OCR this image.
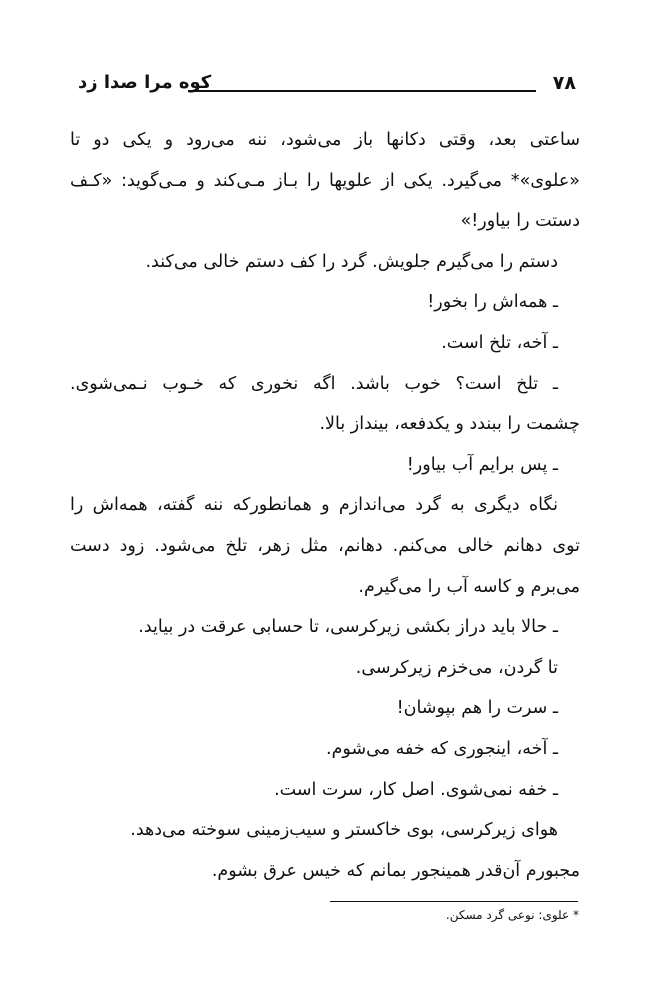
۷۸
کوه مرا صدا زد
ساعتی بعد، وقتی دکانها باز می‌شود، ننه می‌رود و یکی دو تا
«علوی»* می‌گیرد. یکی از علویها را بـاز مـی‌کند و مـی‌گوید: «کـف
دستت را بیاور!»
دستم را می‌گیرم جلویش. گرد را کف دستم خالی می‌کند.
ـ همه‌اش را بخور!
ـ آخه، تلخ است.
ـ تلخ است؟ خوب باشد. اگه نخوری که خـوب نـمی‌شوی.
چشمت را ببندد و یکدفعه، بینداز بالا.
ـ پس برایم آب بیاور!
نگاه دیگری به گرد می‌اندازم و همانطورکه ننه گفته، همه‌اش را
توی دهانم خالی می‌کنم. دهانم، مثل زهر، تلخ می‌شود. زود دست
می‌برم و کاسه آب را می‌گیرم.
ـ حالا باید دراز بکشی زیرکرسی، تا حسابی عرقت در بیاید.
تا گردن، می‌خزم زیرکرسی.
ـ سرت را هم بپوشان!
ـ آخه، اینجوری که خفه می‌شوم.
ـ خفه نمی‌شوی. اصل کار، سرت است.
هوای زیرکرسی، بوی خاکستر و سیب‌زمینی سوخته می‌دهد.
مجبورم آن‌قدر همینجور بمانم که خیس عرق بشوم.
* علوی: نوعی گرد مسکن.
